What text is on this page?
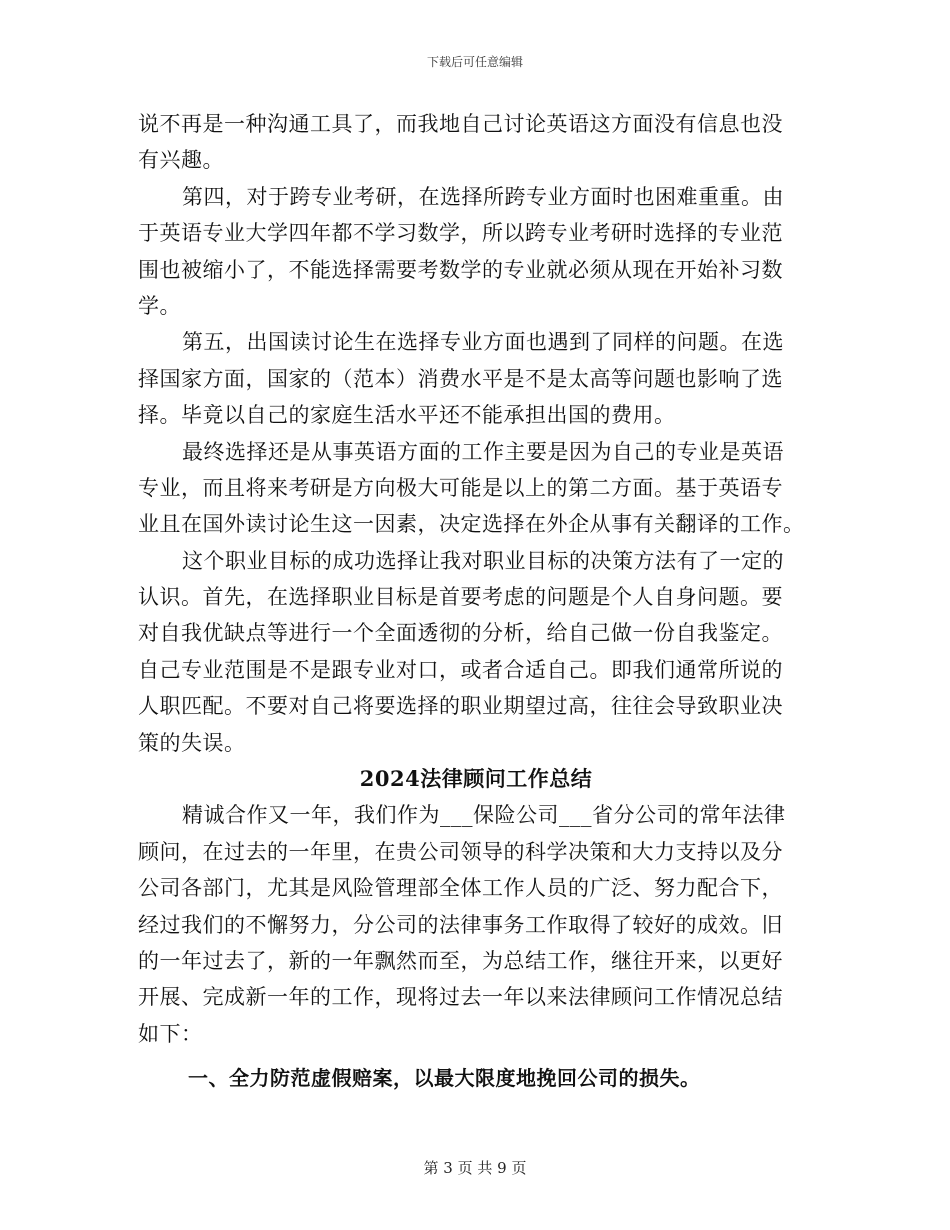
下载后可任意编辑
说不再是一种沟通工具了，而我地自己讨论英语这方面没有信息也没
有兴趣。
第四，对于跨专业考研，在选择所跨专业方面时也困难重重。由
于英语专业大学四年都不学习数学，所以跨专业考研时选择的专业范
围也被缩小了，不能选择需要考数学的专业就必须从现在开始补习数
学。
第五，出国读讨论生在选择专业方面也遇到了同样的问题。在选
择国家方面，国家的（范本）消费水平是不是太高等问题也影响了选
择。毕竟以自己的家庭生活水平还不能承担出国的费用。
最终选择还是从事英语方面的工作主要是因为自己的专业是英语
专业，而且将来考研是方向极大可能是以上的第二方面。基于英语专
业且在国外读讨论生这一因素，决定选择在外企从事有关翻译的工作。
这个职业目标的成功选择让我对职业目标的决策方法有了一定的
认识。首先，在选择职业目标是首要考虑的问题是个人自身问题。要
对自我优缺点等进行一个全面透彻的分析，给自己做一份自我鉴定。
自己专业范围是不是跟专业对口，或者合适自己。即我们通常所说的
人职匹配。不要对自己将要选择的职业期望过高，往往会导致职业决
策的失误。
2024法律顾问工作总结
精诚合作又一年，我们作为___保险公司___省分公司的常年法律
顾问，在过去的一年里，在贵公司领导的科学决策和大力支持以及分
公司各部门，尤其是风险管理部全体工作人员的广泛、努力配合下，
经过我们的不懈努力，分公司的法律事务工作取得了较好的成效。旧
的一年过去了，新的一年飘然而至，为总结工作，继往开来，以更好
开展、完成新一年的工作，现将过去一年以来法律顾问工作情况总结
如下：
一、全力防范虚假赔案，以最大限度地挽回公司的损失。
第 3 页 共 9 页
